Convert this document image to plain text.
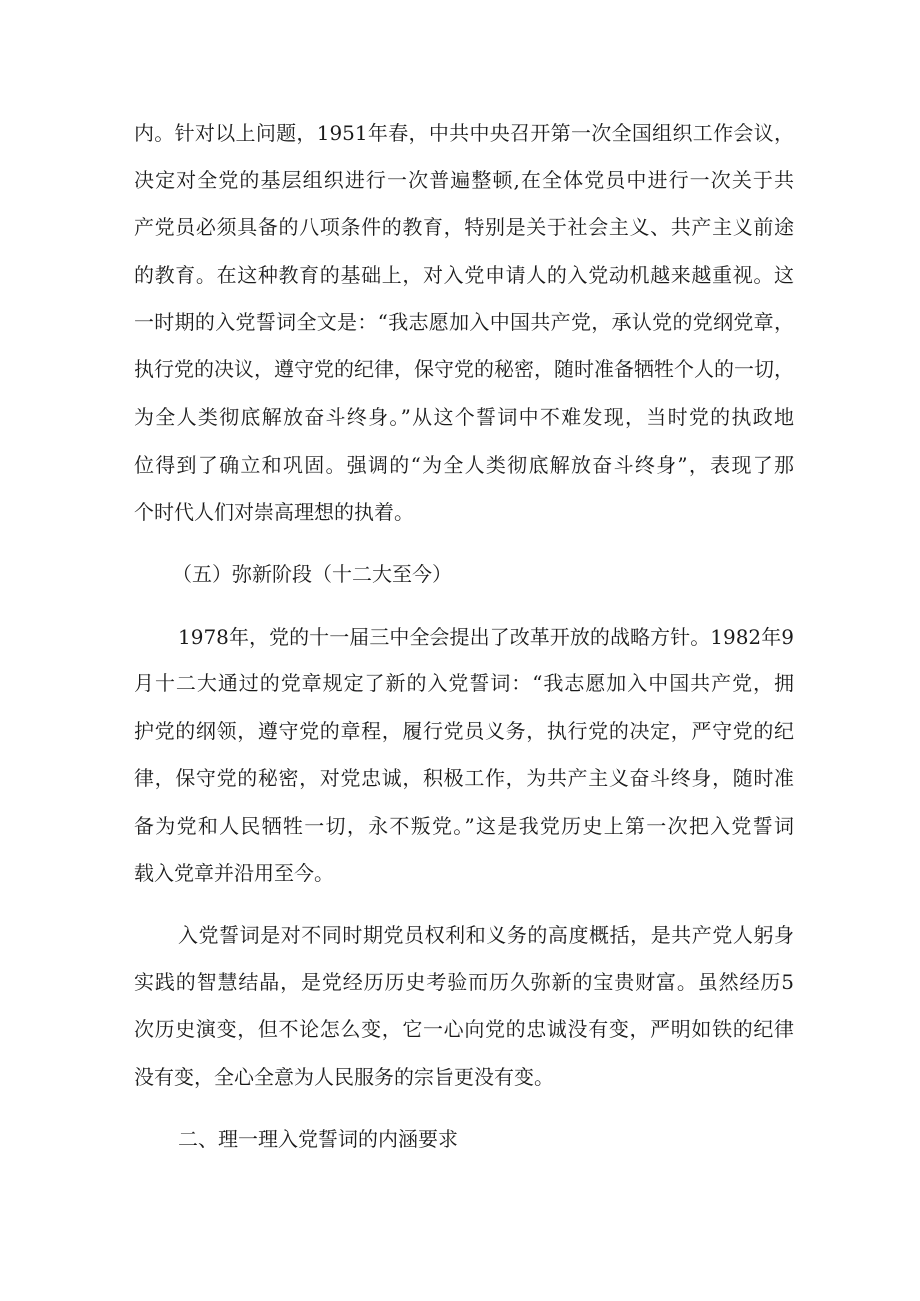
内。针对以上问题，1951年春，中共中央召开第一次全国组织工作会议，
决定对全党的基层组织进行一次普遍整顿,在全体党员中进行一次关于共
产党员必须具备的八项条件的教育，特别是关于社会主义、共产主义前途
的教育。在这种教育的基础上，对入党申请人的入党动机越来越重视。这
一时期的入党誓词全文是：“我志愿加入中国共产党，承认党的党纲党章，
执行党的决议，遵守党的纪律，保守党的秘密，随时准备牺牲个人的一切，
为全人类彻底解放奋斗终身。”从这个誓词中不难发现，当时党的执政地
位得到了确立和巩固。强调的“为全人类彻底解放奋斗终身”，表现了那
个时代人们对崇高理想的执着。
（五）弥新阶段（十二大至今）
1978年，党的十一届三中全会提出了改革开放的战略方针。1982年9
月十二大通过的党章规定了新的入党誓词：“我志愿加入中国共产党，拥
护党的纲领，遵守党的章程，履行党员义务，执行党的决定，严守党的纪
律，保守党的秘密，对党忠诚，积极工作，为共产主义奋斗终身，随时准
备为党和人民牺牲一切，永不叛党。”这是我党历史上第一次把入党誓词
载入党章并沿用至今。
入党誓词是对不同时期党员权利和义务的高度概括，是共产党人躬身
实践的智慧结晶，是党经历历史考验而历久弥新的宝贵财富。虽然经历5
次历史演变，但不论怎么变，它一心向党的忠诚没有变，严明如铁的纪律
没有变，全心全意为人民服务的宗旨更没有变。
二、理一理入党誓词的内涵要求
